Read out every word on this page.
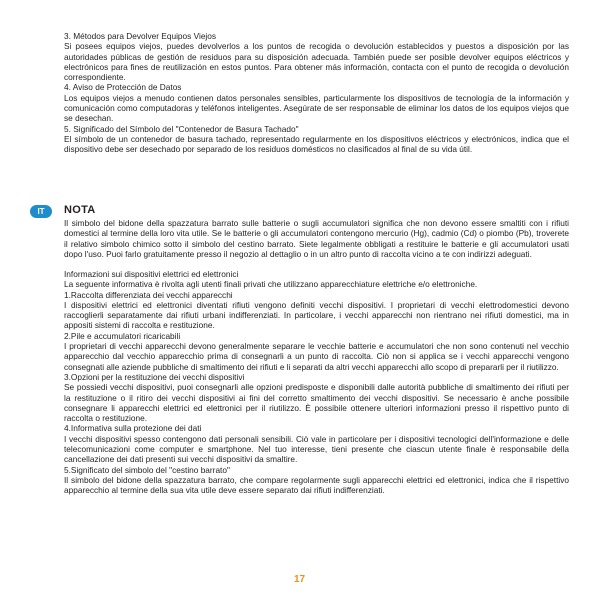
3. Métodos para Devolver Equipos Viejos

Si posees equipos viejos, puedes devolverlos a los puntos de recogida o devolución establecidos y puestos a disposición por las autoridades públicas de gestión de residuos para su disposición adecuada. También puede ser posible devolver equipos eléctricos y electrónicos para fines de reutilización en estos puntos. Para obtener más información, contacta con el punto de recogida o devolución correspondiente.

4. Aviso de Protección de Datos

Los equipos viejos a menudo contienen datos personales sensibles, particularmente los dispositivos de tecnología de la información y comunicación como computadoras y teléfonos inteligentes. Asegúrate de ser responsable de eliminar los datos de los equipos viejos que se desechan.

5. Significado del Símbolo del "Contenedor de Basura Tachado"

El símbolo de un contenedor de basura tachado, representado regularmente en los dispositivos eléctricos y electrónicos, indica que el dispositivo debe ser desechado por separado de los residuos domésticos no clasificados al final de su vida útil.

IT	NOTA

Il simbolo del bidone della spazzatura barrato sulle batterie o sugli accumulatori significa che non devono essere smaltiti con i rifiuti domestici al termine della loro vita utile. Se le batterie o gli accumulatori contengono mercurio (Hg), cadmio (Cd) o piombo (Pb), troverete il relativo simbolo chimico sotto il simbolo del cestino barrato. Siete legalmente obbligati a restituire le batterie e gli accumulatori usati dopo l'uso. Puoi farlo gratuitamente presso il negozio al dettaglio o in un altro punto di raccolta vicino a te con indirizzi adeguati.

Informazioni sui dispositivi elettrici ed elettronici

La seguente informativa è rivolta agli utenti finali privati che utilizzano apparecchiature elettriche e/o elettroniche.

1.Raccolta differenziata dei vecchi apparecchi

I dispositivi elettrici ed elettronici diventati rifiuti vengono definiti vecchi dispositivi. I proprietari di vecchi elettrodomestici devono raccoglierli separatamente dai rifiuti urbani indifferenziati. In particolare, i vecchi apparecchi non rientrano nei rifiuti domestici, ma in appositi sistemi di raccolta e restituzione.

2.Pile e accumulatori ricaricabili

I proprietari di vecchi apparecchi devono generalmente separare le vecchie batterie e accumulatori che non sono contenuti nel vecchio apparecchio dal vecchio apparecchio prima di consegnarli a un punto di raccolta. Ciò non si applica se i vecchi apparecchi vengono consegnati alle aziende pubbliche di smaltimento dei rifiuti e li separati da altri vecchi apparecchi allo scopo di prepararli per il riutilizzo.

3.Opzioni per la restituzione dei vecchi dispositivi

Se possiedi vecchi dispositivi, puoi consegnarli alle opzioni predisposte e disponibili dalle autorità pubbliche di smaltimento dei rifiuti per la restituzione o il ritiro dei vecchi dispositivi ai fini del corretto smaltimento dei vecchi dispositivi. Se necessario è anche possibile consegnare li apparecchi elettrici ed elettronici per il riutilizzo. È possibile ottenere ulteriori informazioni presso il rispettivo punto di raccolta o restituzione.

4.Informativa sulla protezione dei dati

I vecchi dispositivi spesso contengono dati personali sensibili. Ciò vale in particolare per i dispositivi tecnologici dell'informazione e delle telecomunicazioni come computer e smartphone. Nel tuo interesse, tieni presente che ciascun utente finale è responsabile della cancellazione dei dati presenti sui vecchi dispositivi da smaltire.

5.Significato del simbolo del "cestino barrato"

Il simbolo del bidone della spazzatura barrato, che compare regolarmente sugli apparecchi elettrici ed elettronici, indica che il rispettivo apparecchio al termine della sua vita utile deve essere separato dai rifiuti indifferenziati.

17
